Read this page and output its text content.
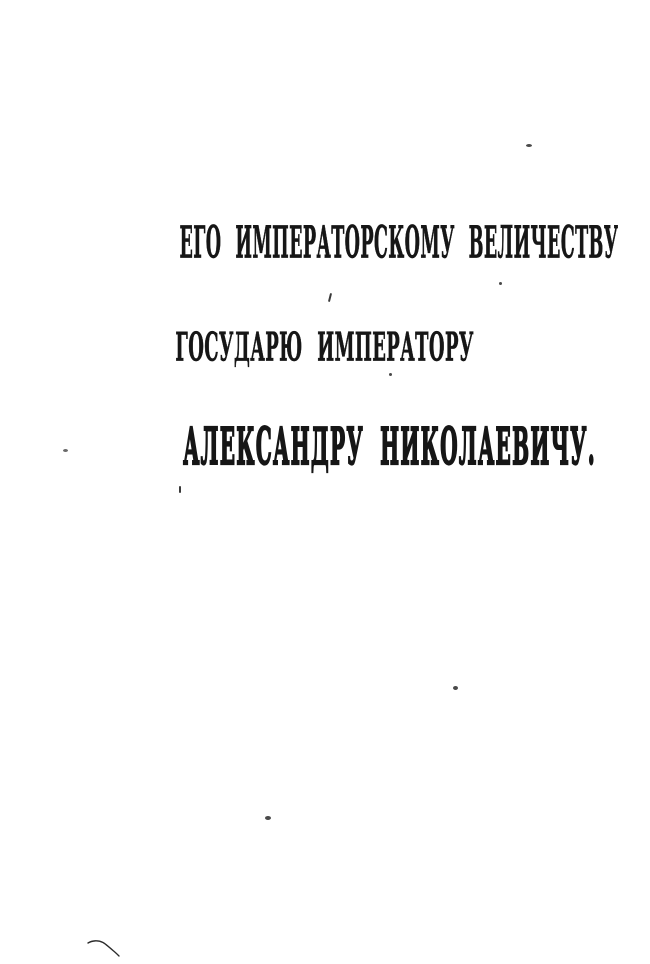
ЕГО ИМПЕРАТОРСКОМУ ВЕЛИЧЕСТВУ
ГОСУДАРЮ ИМПЕРАТОРУ
АЛЕКСАНДРУ НИКОЛАЕВИЧУ.
